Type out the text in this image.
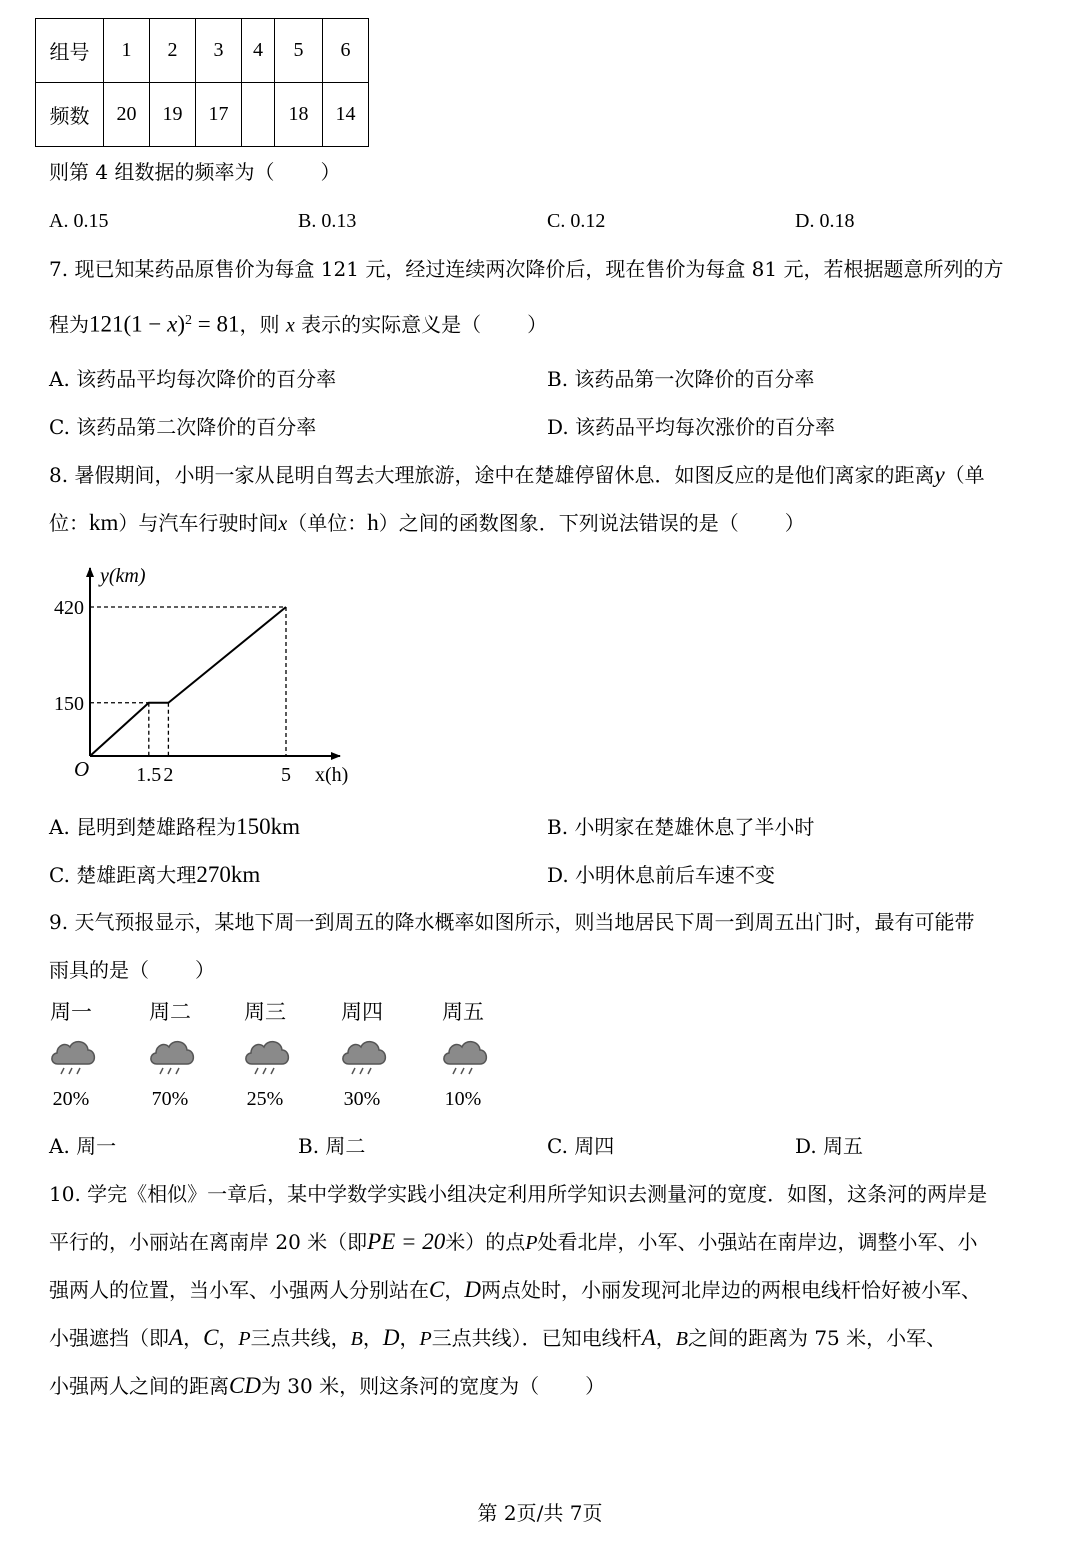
组号	1	2	3	4	5	6
频数	20	19	17		18	14
则第 4 组数据的频率为（ ）
A. 0.15	B. 0.13	C. 0.12	D. 0.18
7. 现已知某药品原售价为每盒 121 元，经过连续两次降价后，现在售价为每盒 81 元，若根据题意所列的方
程为$121(1 - x)^2 = 81$，则 x 表示的实际意义是（ ）
A. 该药品平均每次降价的百分率	B. 该药品第一次降价的百分率
C. 该药品第二次降价的百分率	D. 该药品平均每次涨价的百分率
8. 暑假期间，小明一家从昆明自驾去大理旅游，途中在楚雄停留休息．如图反应的是他们离家的距离y（单
位：km）与汽车行驶时间x（单位：h）之间的函数图象．下列说法错误的是（ ）
1.5 2	5
150
420
y(km)
x(h)
O
A. 昆明到楚雄路程为150km	B. 小明家在楚雄休息了半小时
C. 楚雄距离大理270km	D. 小明休息前后车速不变
9. 天气预报显示，某地下周一到周五的降水概率如图所示，则当地居民下周一到周五出门时，最有可能带
雨具的是（ ）
周一
20%
周二
70%
周三
25%
周四
30%
周五
10%
A. 周一	B. 周二	C. 周四	D. 周五
10. 学完《相似》一章后，某中学数学实践小组决定利用所学知识去测量河的宽度．如图，这条河的两岸是
平行的，小丽站在离南岸 20 米（即PE = 20米）的点P处看北岸，小军、小强站在南岸边，调整小军、小
强两人的位置，当小军、小强两人分别站在C，D两点处时，小丽发现河北岸边的两根电线杆恰好被小军、
小强遮挡（即A，C，P三点共线，B，D，P三点共线）．已知电线杆A，B之间的距离为 75 米，小军、
小强两人之间的距离CD为 30 米，则这条河的宽度为（ ）
第 2页/共 7页
